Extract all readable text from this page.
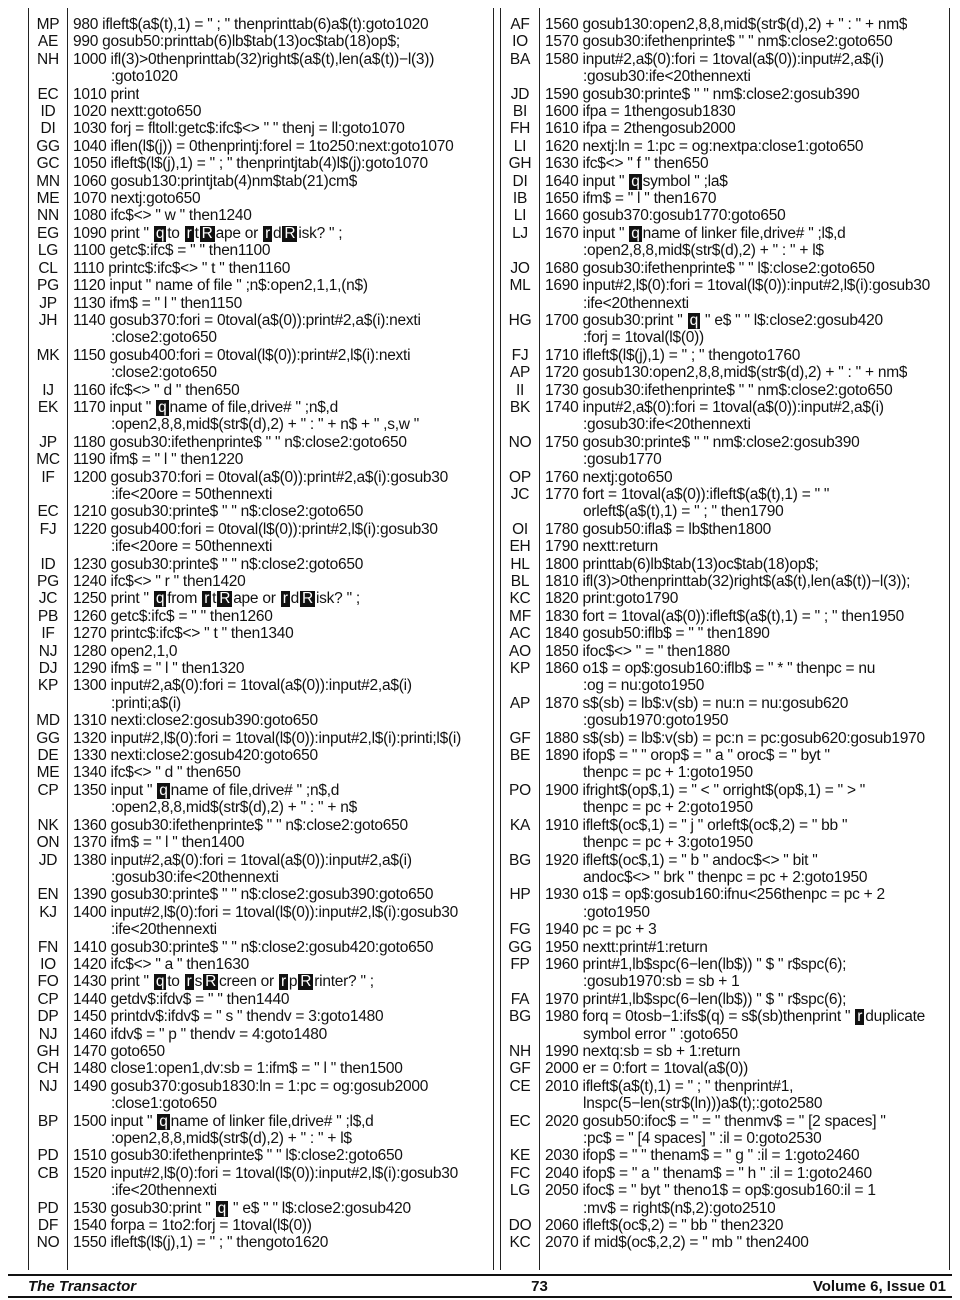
MP 980 ifleft$(a$(t),1) = " ; " thenprinttab(6)a$(t):goto1020
AE 990 gosub50:printtab(6)lb$tab(13)oc$tab(18)op$;
NH 1000 ifl(3)>0thenprinttab(32)right$(a$(t),len(a$(t))−l(3))
:goto1020
EC 1010 print
ID	1020 nextt:goto650
DI	1030 forj = fltoll:getc$:ifc$<> " " thenj = ll:goto1070
GG 1040 iflen(l$(j)) = 0thenprintj:forel = 1to250:next:goto1070
GC 1050 ifleft$(l$(j),1) = " ; " thenprintjtab(4)l$(j):goto1070
MN 1060 gosub130:printjtab(4)nm$tab(21)cm$
ME 1070 nextj:goto650
NN 1080 ifc$<> " w " then1240
EG 1090 print " q to r t R ape or r d R isk? " ;
LG 1100 getc$:ifc$ = " " then1100
CL 1110 printc$:ifc$<> " t " then1160
PG 1120 input " name of file " ;n$:open2,1,1,(n$)
JP	1130 ifm$ = " l " then1150
JH	1140 gosub370:fori = 0toval(a$(0)):print#2,a$(i):nexti
:close2:goto650
MK 1150 gosub400:fori = 0toval(l$(0)):print#2,l$(i):nexti
:close2:goto650
IJ	1160 ifc$<> " d " then650
EK 1170 input " q name of file,drive# " ;n$,d
:open2,8,8,mid$(str$(d),2) + " : " + n$ + " ,s,w "
JP	1180 gosub30:ifethenprinte$ " " n$:close2:goto650
MC 1190 ifm$ = " l " then1220
IF	1200 gosub370:fori = 0toval(a$(0)):print#2,a$(i):gosub30
:ife<20ore = 50thennexti
EC 1210 gosub30:printe$ " " n$:close2:goto650
FJ	1220 gosub400:fori = 0toval(l$(0)):print#2,l$(i):gosub30
:ife<20ore = 50thennexti
ID	1230 gosub30:printe$ " " n$:close2:goto650
PG 1240 ifc$<> " r " then1420
JC	1250 print " q from r t R ape or r d R isk? " ;
PB 1260 getc$:ifc$ = " " then1260
IF	1270 printc$:ifc$<> " t " then1340
NJ	1280 open2,1,0
DJ	1290 ifm$ = " l " then1320
KP 1300 input#2,a$(0):fori = 1toval(a$(0)):input#2,a$(i)
:printi;a$(i)
MD 1310 nexti:close2:gosub390:goto650
GG 1320 input#2,l$(0):fori = 1toval(l$(0)):input#2,l$(i):printi;l$(i)
DE 1330 nexti:close2:gosub420:goto650
ME 1340 ifc$<> " d " then650
CP 1350 input " q name of file,drive# " ;n$,d
:open2,8,8,mid$(str$(d),2) + " : " + n$
NK 1360 gosub30:ifethenprinte$ " " n$:close2:goto650
ON 1370 ifm$ = " l " then1400
JD	1380 input#2,a$(0):fori = 1toval(a$(0)):input#2,a$(i)
:gosub30:ife<20thennexti
EN 1390 gosub30:printe$ " " n$:close2:gosub390:goto650
KJ	1400 input#2,l$(0):fori = 1toval(l$(0)):input#2,l$(i):gosub30
:ife<20thennexti
FN 1410 gosub30:printe$ " " n$:close2:gosub420:goto650
IO	1420 ifc$<> " a " then1630
FO 1430 print " q to r s R creen or r p R rinter? " ;
CP 1440 getdv$:ifdv$ = " " then1440
DP 1450 printdv$:ifdv$ = " s " thendv = 3:goto1480
NJ	1460 ifdv$ = " p " thendv = 4:goto1480
GH 1470 goto650
CH 1480 close1:open1,dv:sb = 1:ifm$ = " l " then1500
NJ	1490 gosub370:gosub1830:ln = 1:pc = og:gosub2000
:close1:goto650
BP 1500 input " q name of linker file,drive# " ;l$,d
:open2,8,8,mid$(str$(d),2) + " : " + l$
PD 1510 gosub30:ifethenprinte$ " " l$:close2:goto650
CB 1520 input#2,l$(0):fori = 1toval(l$(0)):input#2,l$(i):gosub30
:ife<20thennexti
PD 1530 gosub30:print " q " e$ " " l$:close2:gosub420
DF 1540 forpa = 1to2:forj = 1toval(l$(0))
NO 1550 ifleft$(l$(j),1) = " ; " thengoto1620
AF 1560 gosub130:open2,8,8,mid$(str$(d),2) + " : " + nm$
IO	1570 gosub30:ifethenprinte$ " " nm$:close2:goto650
BA 1580 input#2,a$(0):fori = 1toval(a$(0)):input#2,a$(i)
:gosub30:ife<20thennexti
JD	1590 gosub30:printe$ " " nm$:close2:gosub390
BI	1600 ifpa = 1thengosub1830
FH 1610 ifpa = 2thengosub2000
LI	1620 nextj:ln = 1:pc = og:nextpa:close1:goto650
GH 1630 ifc$<> " f " then650
DI	1640 input " q symbol " ;la$
IB	1650 ifm$ = " l " then1670
LI	1660 gosub370:gosub1770:goto650
LJ	1670 input " q name of linker file,drive# " ;l$,d
:open2,8,8,mid$(str$(d),2) + " : " + l$
JO 1680 gosub30:ifethenprinte$ " " l$:close2:goto650
ML 1690 input#2,l$(0):fori = 1toval(l$(0)):input#2,l$(i):gosub30
:ife<20thennexti
HG 1700 gosub30:print " q " e$ " " l$:close2:gosub420
:forj = 1toval(l$(0))
FJ	1710 ifleft$(l$(j),1) = " ; " thengoto1760
AP 1720 gosub130:open2,8,8,mid$(str$(d),2) + " : " + nm$
II	1730 gosub30:ifethenprinte$ " " nm$:close2:goto650
BK 1740 input#2,a$(0):fori = 1toval(a$(0)):input#2,a$(i)
:gosub30:ife<20thennexti
NO 1750 gosub30:printe$ " " nm$:close2:gosub390
:gosub1770
OP 1760 nextj:goto650
JC	1770 fort = 1toval(a$(0)):ifleft$(a$(t),1) = " "
orleft$(a$(t),1) = " ; " then1790
OI	1780 gosub50:ifla$ = lb$then1800
EH 1790 nextt:return
HL 1800 printtab(6)lb$tab(13)oc$tab(18)op$;
BL	1810 ifl(3)>0thenprinttab(32)right$(a$(t),len(a$(t))−l(3));
KC 1820 print:goto1790
MF 1830 fort = 1toval(a$(0)):ifleft$(a$(t),1) = " ; " then1950
AC 1840 gosub50:iflb$ = " " then1890
AO 1850 ifoc$<> " = " then1880
KP 1860 o1$ = op$:gosub160:iflb$ = " * " thenpc = nu
:og = nu:goto1950
AP 1870 s$(sb) = lb$:v(sb) = nu:n = nu:gosub620
:gosub1970:goto1950
GF 1880 s$(sb) = lb$:v(sb) = pc:n = pc:gosub620:gosub1970
BE 1890 ifop$ = " " orop$ = " a " oroc$ = " byt "
thenpc = pc + 1:goto1950
PO 1900 ifright$(op$,1) = " < " orright$(op$,1) = " > "
thenpc = pc + 2:goto1950
KA 1910 ifleft$(oc$,1) = " j " orleft$(oc$,2) = " bb "
thenpc = pc + 3:goto1950
BG 1920 ifleft$(oc$,1) = " b " andoc$<> " bit "
andoc$<> " brk " thenpc = pc + 2:goto1950
HP 1930 o1$ = op$:gosub160:ifnu<256thenpc = pc + 2
:goto1950
FG 1940 pc = pc + 3
GG 1950 nextt:print#1:return
FP 1960 print#1,lb$spc(6−len(lb$)) " $ " r$spc(6);
:gosub1970:sb = sb + 1
FA	1970 print#1,lb$spc(6−len(lb$)) " $ " r$spc(6);
BG 1980 forq = 0tosb−1:ifs$(q) = s$(sb)thenprint " r duplicate
symbol error " :goto650
NH 1990 nextq:sb = sb + 1:return
GF 2000 er = 0:fort = 1toval(a$(0))
CE 2010 ifleft$(a$(t),1) = " ; " thenprint#1,
lnspc(5−len(str$(ln)))a$(t);:goto2580
EC 2020 gosub50:ifoc$ = " = " thenmv$ = " [2 spaces] "
:pc$ = " [4 spaces] " :il = 0:goto2530
KE 2030 ifop$ = " " thenam$ = " g " :il = 1:goto2460
FC 2040 ifop$ = " a " thenam$ = " h " :il = 1:goto2460
LG 2050 ifoc$ = " byt " theno1$ = op$:gosub160:il = 1
:mv$ = right$(n$,2):goto2510
DO 2060 ifleft$(oc$,2) = " bb " then2320
KC 2070 if mid$(oc$,2,2) = " mb " then2400
The Transactor	73	Volume 6, Issue 01
